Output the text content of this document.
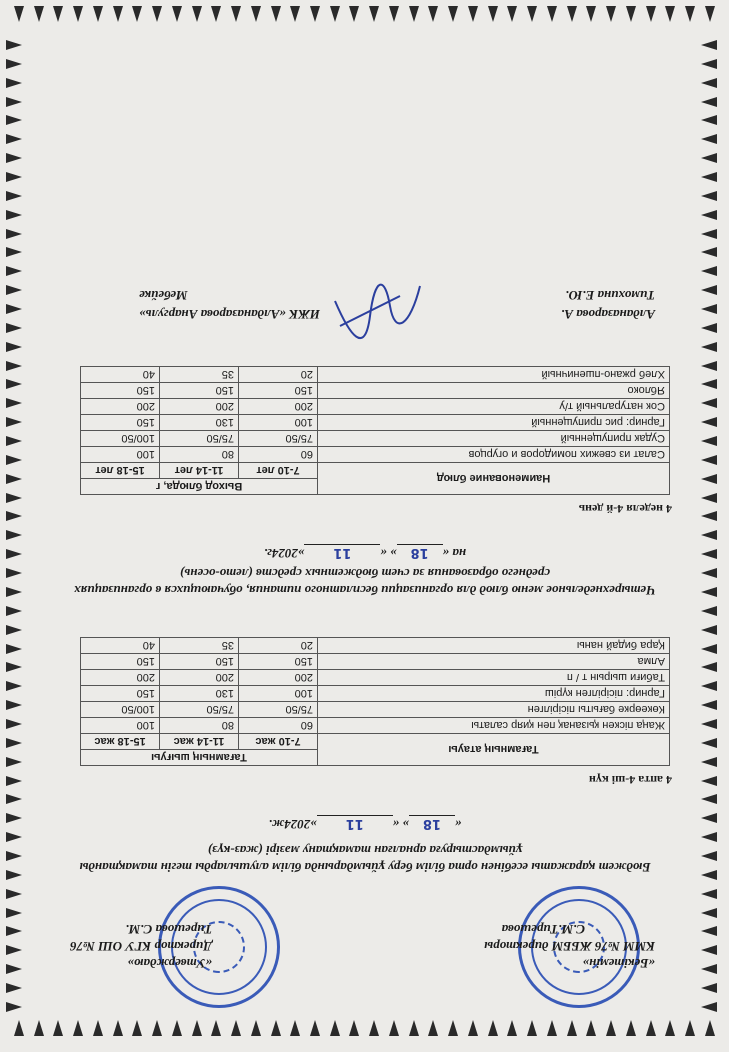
«Бекітемін»
КММ №76 ЖББМ директоры
С.М.Тирешова
«Утверждаю»
Директор КГУ ОШ №76
Тирешова С.М.
Бюджет қаражаты есебінен орта білім беру ұйымдарында білім алушыларды тегін тамақтанды ұйымдастыруға арналған тамақтану мәзірі (жаз-күз)
«18» «11»2024ж.
4 апта 4-ші күн
Тағамның атауы	Тағамның шығуы		
	7-10 жас	11-14 жас	15-18 жас
Жаңа піскен қызанақ пен қияр салаты	60	80	100
Көкеөрке бағыты пісірілген	75/50	75/50	100/50
Гарнир: пісірілген күріш	100	130	150
Табиғи шырын т / п	200	200	200
Алма	150	150	150
Қара бидай наны	20	35	40
Четырехнедельное меню блюд для организации бесплатного питания, обучающихся в организациях среднего образования за счет бюджетных средств (лето-осень)
на «18» «11»2024г.
4 неделя 4-й день
Наименование блюд	Выход блюда, г		
	7-10 лет	11-14 лет	15-18 лет
Салат из свежих помидоров и огурцов	60	80	100
Судак припущенный	75/50	75/50	100/50
Гарнир: рис припущенный	100	130	150
Сок натуральный т/у	200	200	200
Яблоко	150	150	150
Хлеб ржано-пшеничный	20	35	40
Алданазарова А.
Тимохина Е.Ю.
ИЖК «Алданазарова Анаргуль»
Мебейке
